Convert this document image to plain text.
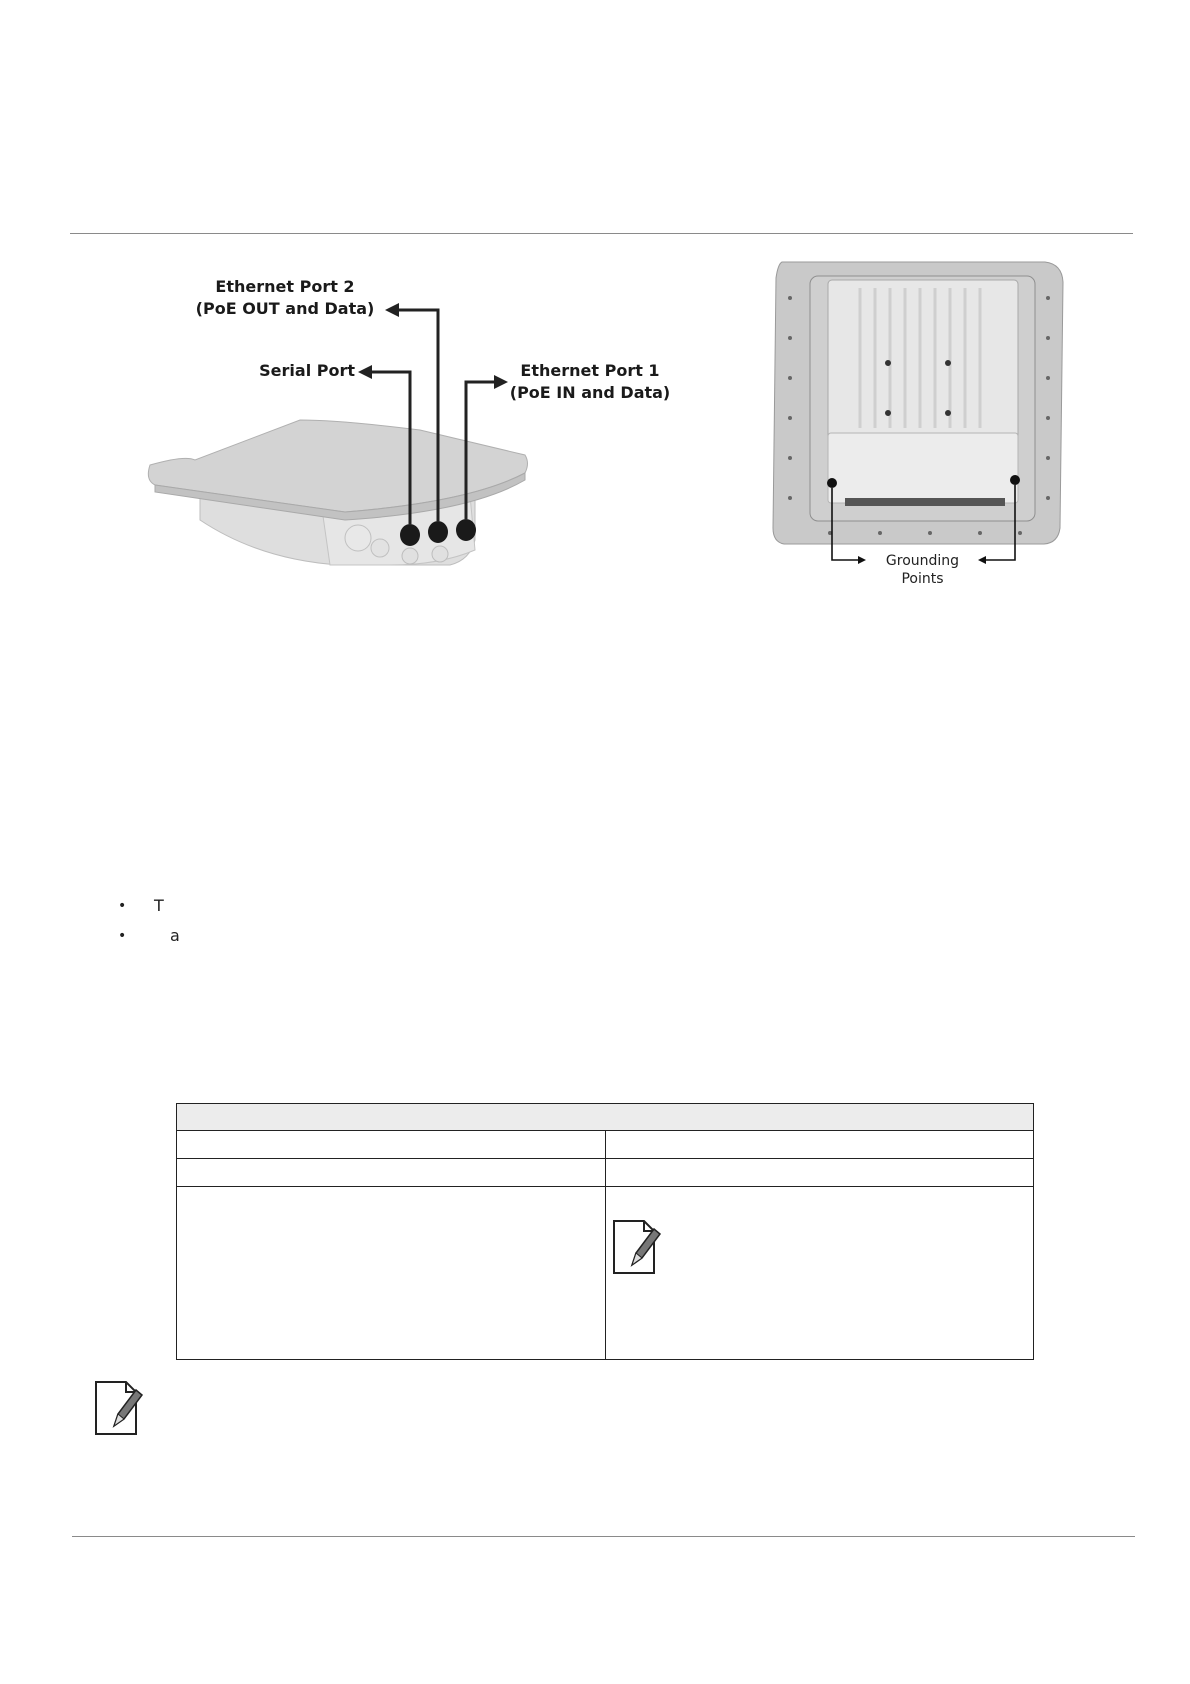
Ethernet Port 2
(PoE OUT and Data)
Serial Port	Ethernet Port 1
(PoE IN and Data)
Grounding
Points
• T
•	a
